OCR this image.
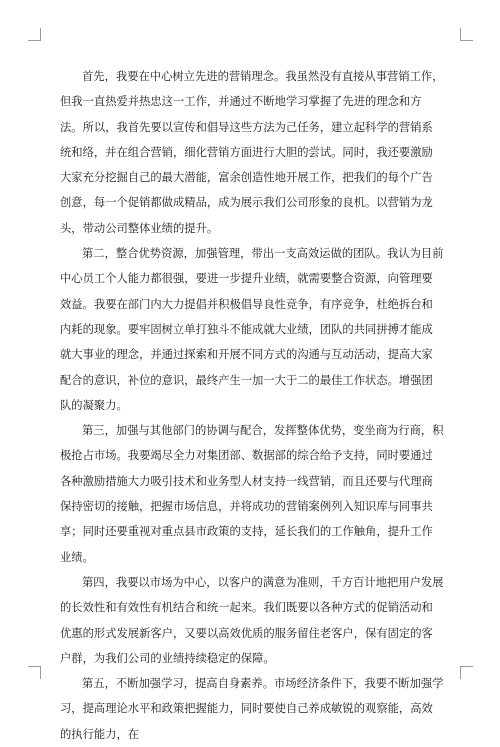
首先，我要在中心树立先进的营销理念。我虽然没有直接从事营销工作，但我一直热爱并热忠这一工作，并通过不断地学习掌握了先进的理念和方法。所以，我首先要以宣传和倡导这些方法为己任务，建立起科学的营销系统和络，并在组合营销，细化营销方面进行大胆的尝试。同时，我还要激励大家充分挖掘自己的最大潜能，富余创造性地开展工作，把我们的每个广告创意，每一个促销都做成精品，成为展示我们公司形象的良机。以营销为龙头，带动公司整体业绩的提升。

第二，整合优势资源，加强管理，带出一支高效运做的团队。我认为目前中心员工个人能力都很强，要进一步提升业绩，就需要整合资源，向管理要效益。我要在部门内大力提倡并积极倡导良性竞争，有序竞争，杜绝拆台和内耗的现象。要牢固树立单打独斗不能成就大业绩，团队的共同拼搏才能成就大事业的理念，并通过探索和开展不同方式的沟通与互动活动，提高大家配合的意识，补位的意识，最终产生一加一大于二的最佳工作状态。增强团队的凝聚力。

第三，加强与其他部门的协调与配合，发挥整体优势，变坐商为行商，积极抢占市场。我要竭尽全力对集团部、数据部的综合给予支持，同时要通过各种激励措施大力吸引技术和业务型人材支持一线营销，而且还要与代理商保持密切的接触，把握市场信息，并将成功的营销案例列入知识库与同事共享；同时还要重视对重点县市政策的支持，延长我们的工作触角，提升工作业绩。

第四，我要以市场为中心，以客户的满意为准则，千方百计地把用户发展的长效性和有效性有机结合和统一起来。我们既要以各种方式的促销活动和优惠的形式发展新客户，又要以高效优质的服务留住老客户，保有固定的客户群，为我们公司的业绩持续稳定的保障。

第五，不断加强学习，提高自身素养。市场经济条件下，我要不断加强学习，提高理论水平和政策把握能力，同时要使自己养成敏锐的观察能，高效的执行能力，在
